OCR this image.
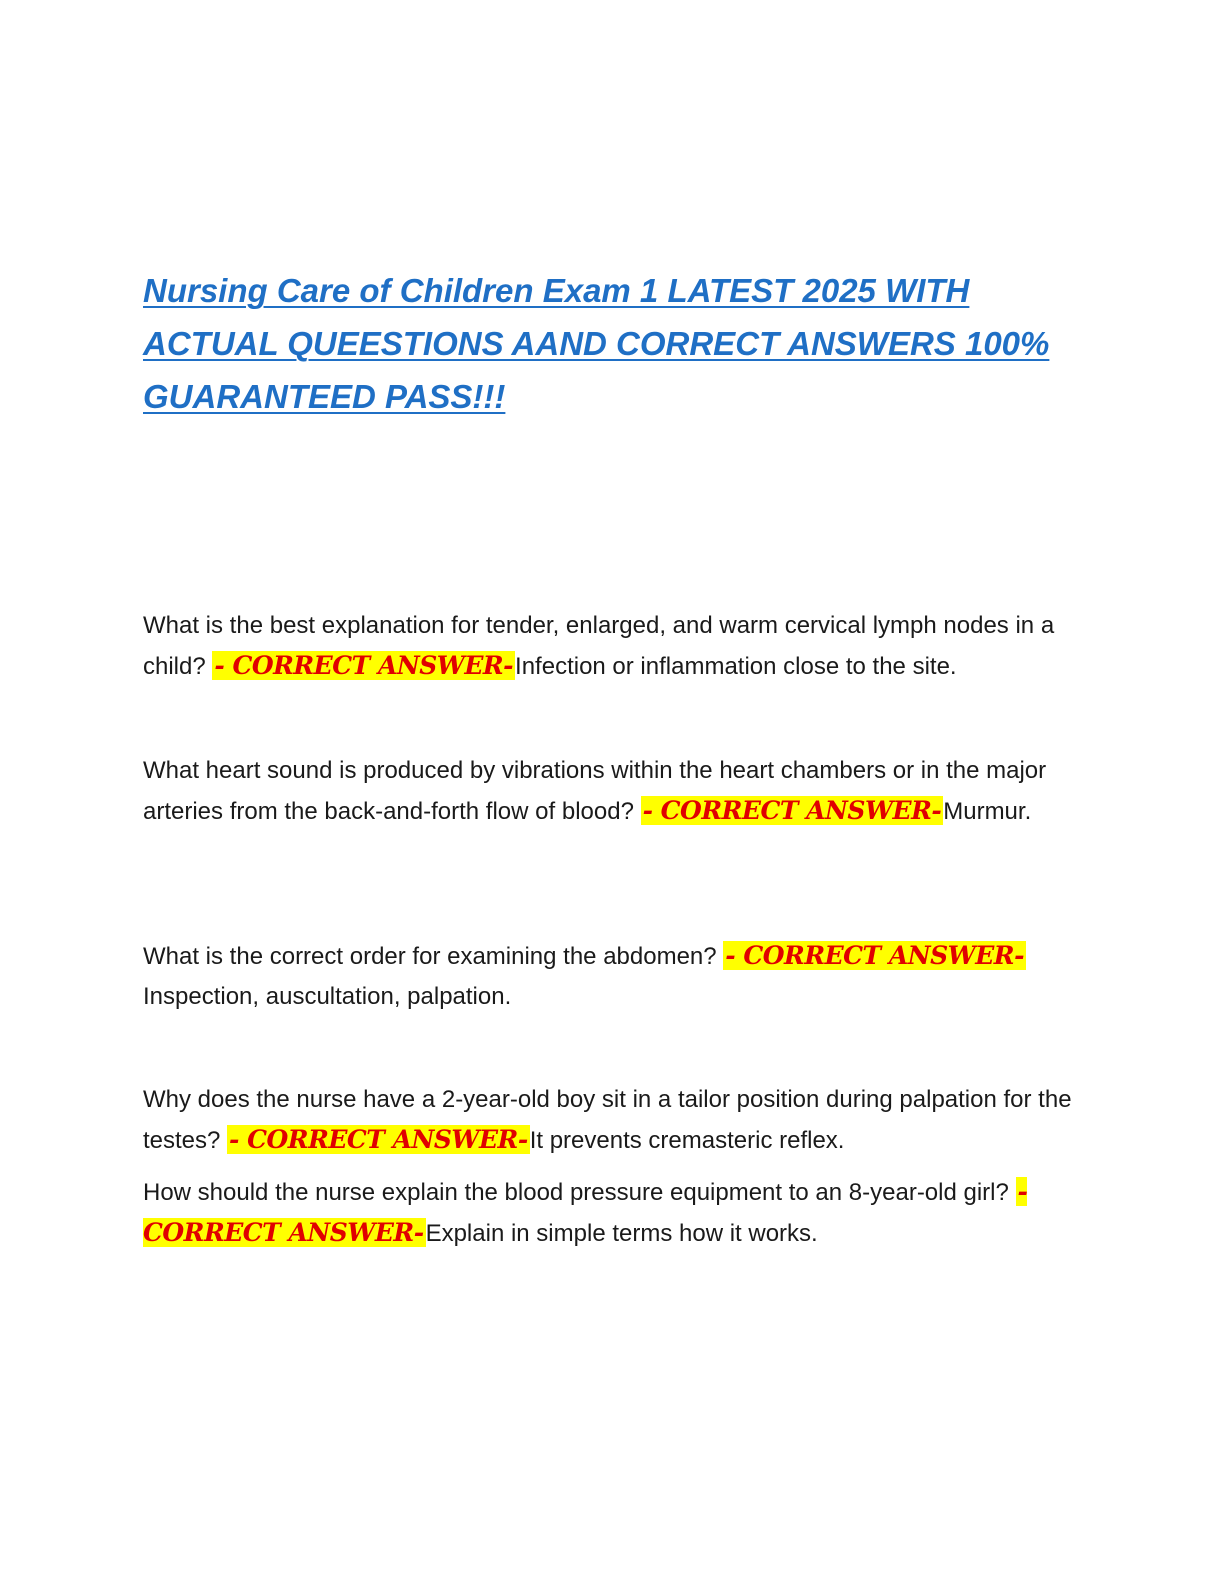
Nursing Care of Children Exam 1 LATEST 2025 WITH ACTUAL QUEESTIONS AAND CORRECT ANSWERS 100% GUARANTEED PASS!!!

What is the best explanation for tender, enlarged, and warm cervical lymph nodes in a child? - CORRECT ANSWER-Infection or inflammation close to the site.

What heart sound is produced by vibrations within the heart chambers or in the major arteries from the back-and-forth flow of blood? - CORRECT ANSWER-Murmur.

What is the correct order for examining the abdomen? - CORRECT ANSWER-Inspection, auscultation, palpation.

Why does the nurse have a 2-year-old boy sit in a tailor position during palpation for the testes? - CORRECT ANSWER-It prevents cremasteric reflex.

How should the nurse explain the blood pressure equipment to an 8-year-old girl? - CORRECT ANSWER-Explain in simple terms how it works.
